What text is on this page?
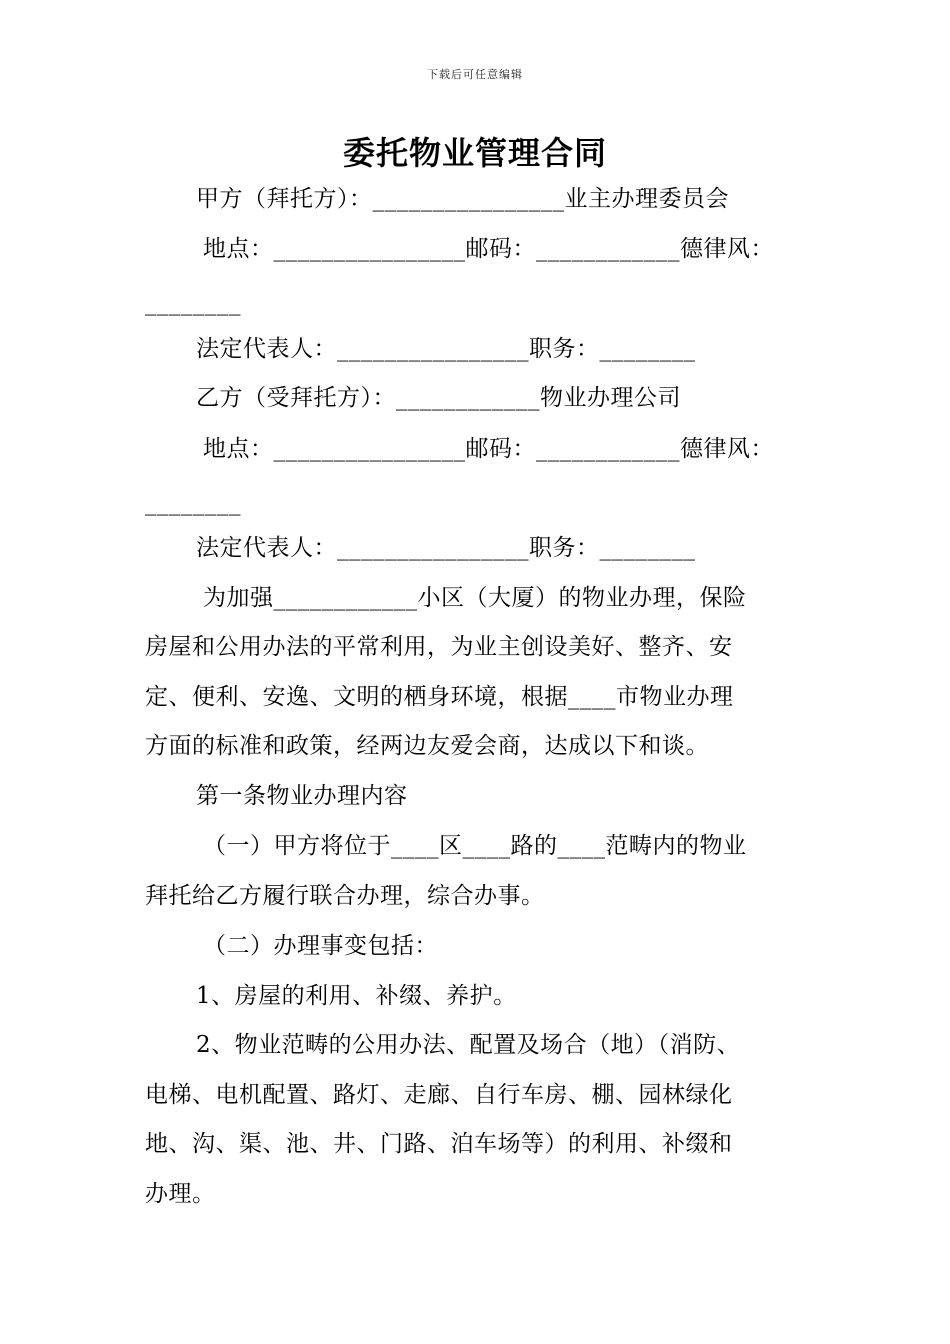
下载后可任意编辑
委托物业管理合同
甲方（拜托方）：________________业主办理委员会
地点：________________邮码：____________德律风：
________
法定代表人：________________职务：________
乙方（受拜托方）：____________物业办理公司
地点：________________邮码：____________德律风：
________
法定代表人：________________职务：________
为加强____________小区（大厦）的物业办理，保险
房屋和公用办法的平常利用，为业主创设美好、整齐、安
定、便利、安逸、文明的栖身环境，根据____市物业办理
方面的标准和政策，经两边友爱会商，达成以下和谈。
第一条物业办理内容
（一）甲方将位于____区____路的____范畴内的物业
拜托给乙方履行联合办理，综合办事。
（二）办理事变包括：
1、房屋的利用、补缀、养护。
2、物业范畴的公用办法、配置及场合（地）（消防、
电梯、电机配置、路灯、走廊、自行车房、棚、园林绿化
地、沟、渠、池、井、门路、泊车场等）的利用、补缀和
办理。
